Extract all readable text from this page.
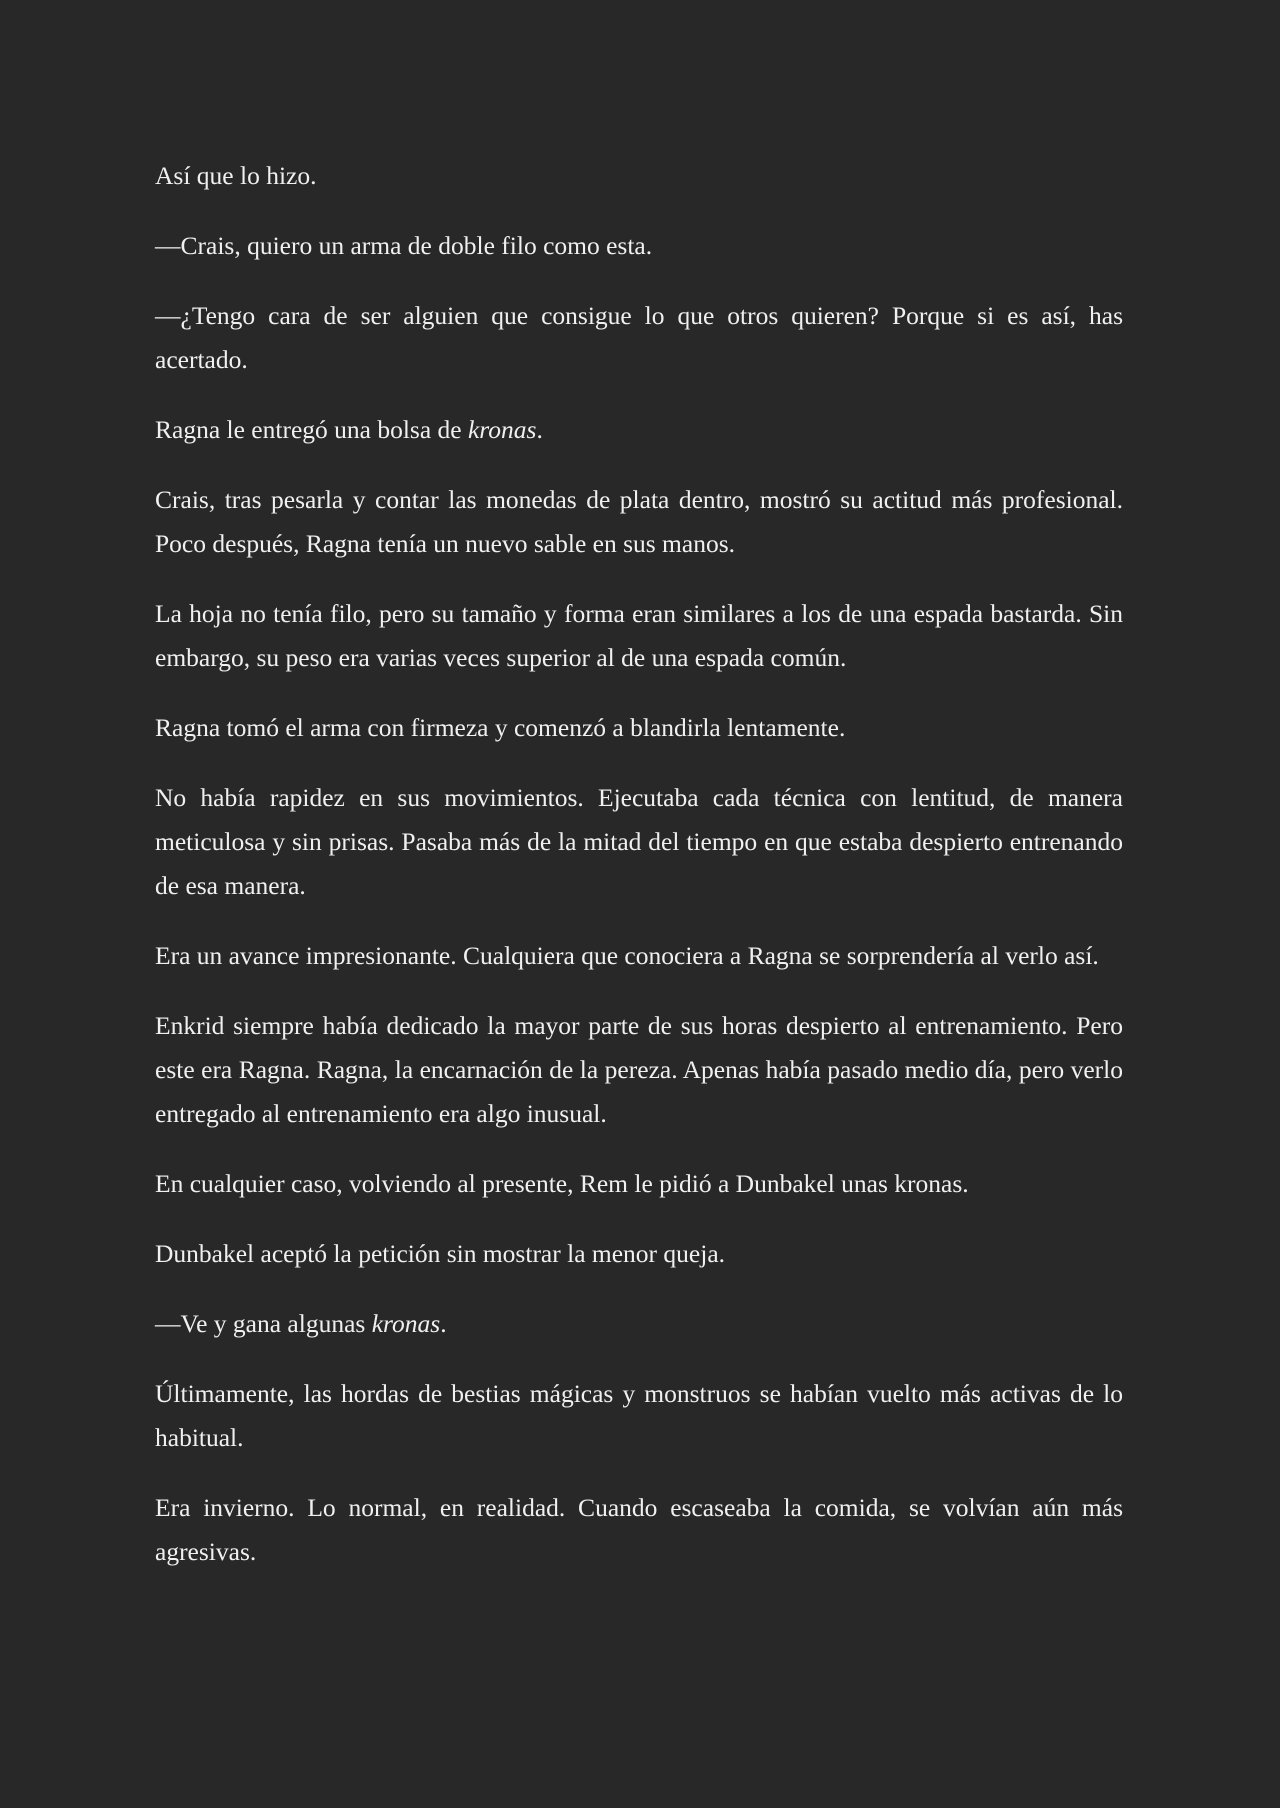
Así que lo hizo.

—Crais, quiero un arma de doble filo como esta.

—¿Tengo cara de ser alguien que consigue lo que otros quieren? Porque si es así, has acertado.

Ragna le entregó una bolsa de kronas.

Crais, tras pesarla y contar las monedas de plata dentro, mostró su actitud más profesional. Poco después, Ragna tenía un nuevo sable en sus manos.

La hoja no tenía filo, pero su tamaño y forma eran similares a los de una espada bastarda. Sin embargo, su peso era varias veces superior al de una espada común.

Ragna tomó el arma con firmeza y comenzó a blandirla lentamente.

No había rapidez en sus movimientos. Ejecutaba cada técnica con lentitud, de manera meticulosa y sin prisas. Pasaba más de la mitad del tiempo en que estaba despierto entrenando de esa manera.

Era un avance impresionante. Cualquiera que conociera a Ragna se sorprendería al verlo así.

Enkrid siempre había dedicado la mayor parte de sus horas despierto al entrenamiento. Pero este era Ragna. Ragna, la encarnación de la pereza. Apenas había pasado medio día, pero verlo entregado al entrenamiento era algo inusual.

En cualquier caso, volviendo al presente, Rem le pidió a Dunbakel unas kronas.

Dunbakel aceptó la petición sin mostrar la menor queja.

—Ve y gana algunas kronas.

Últimamente, las hordas de bestias mágicas y monstruos se habían vuelto más activas de lo habitual.

Era invierno. Lo normal, en realidad. Cuando escaseaba la comida, se volvían aún más agresivas.
